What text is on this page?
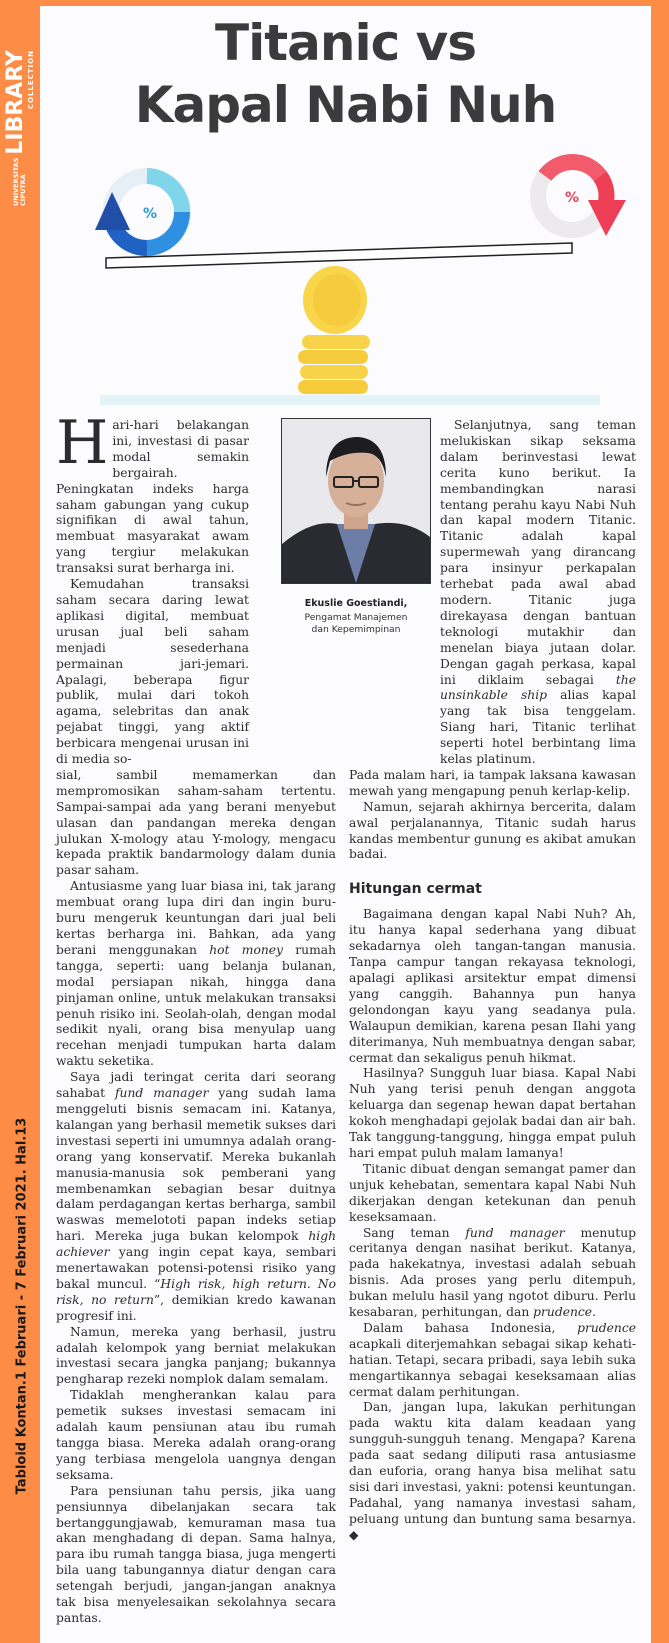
UNIVERSITAS CIPUTRA
LIBRARY COLLECTION
Tabloid Kontan.1 Februari - 7 Februari 2021. Hal.13
Titanic vs
Kapal Nabi Nuh
%
%

Hari-hari belakangan ini, investasi di pasar modal semakin bergairah. Peningkatan indeks harga saham gabungan yang cukup signifikan di awal tahun, membuat masyarakat awam yang tergiur melakukan transaksi surat berharga ini.

Kemudahan transaksi saham secara daring lewat aplikasi digital, membuat urusan jual beli saham menjadi sesederhana permainan jari-jemari. Apalagi, beberapa figur publik, mulai dari tokoh agama, selebritas dan anak pejabat tinggi, yang aktif berbicara mengenai urusan ini di media so-

Ekuslie Goestiandi,
Pengamat Manajemen
dan Kepemimpinan

sial, sambil memamerkan dan mempromosikan saham-saham tertentu. Sampai-sampai ada yang berani menyebut ulasan dan pandangan mereka dengan julukan X-mology atau Y-mology, mengacu kepada praktik bandarmology dalam dunia pasar saham.

Antusiasme yang luar biasa ini, tak jarang membuat orang lupa diri dan ingin buru-buru mengeruk keuntungan dari jual beli kertas berharga ini. Bahkan, ada yang berani menggunakan hot money rumah tangga, seperti: uang belanja bulanan, modal persiapan nikah, hingga dana pinjaman online, untuk melakukan transaksi penuh risiko ini. Seolah-olah, dengan modal sedikit nyali, orang bisa menyulap uang recehan menjadi tumpukan harta dalam waktu seketika.

Saya jadi teringat cerita dari seorang sahabat fund manager yang sudah lama menggeluti bisnis semacam ini. Katanya, kalangan yang berhasil memetik sukses dari investasi seperti ini umumnya adalah orang-orang yang konservatif. Mereka bukanlah manusia-manusia sok pemberani yang membenamkan sebagian besar duitnya dalam perdagangan kertas berharga, sambil waswas memelototi papan indeks setiap hari. Mereka juga bukan kelompok high achiever yang ingin cepat kaya, sembari menertawakan potensi-potensi risiko yang bakal muncul. “High risk, high return. No risk, no return”, demikian kredo kawanan progresif ini.

Namun, mereka yang berhasil, justru adalah kelompok yang berniat melakukan investasi secara jangka panjang; bukannya pengharap rezeki nomplok dalam semalam.

Tidaklah mengherankan kalau para pemetik sukses investasi semacam ini adalah kaum pensiunan atau ibu rumah tangga biasa. Mereka adalah orang-orang yang terbiasa mengelola uangnya dengan seksama.

Para pensiunan tahu persis, jika uang pensiunnya dibelanjakan secara tak bertanggungjawab, kemuraman masa tua akan menghadang di depan. Sama halnya, para ibu rumah tangga biasa, juga mengerti bila uang tabungannya diatur dengan cara setengah berjudi, jangan-jangan anaknya tak bisa menyelesaikan sekolahnya secara pantas.

Selanjutnya, sang teman melukiskan sikap seksama dalam berinvestasi lewat cerita kuno berikut. Ia membandingkan narasi tentang perahu kayu Nabi Nuh dan kapal modern Titanic. Titanic adalah kapal supermewah yang dirancang para insinyur perkapalan terhebat pada awal abad modern. Titanic juga direkayasa dengan bantuan teknologi mutakhir dan menelan biaya jutaan dolar. Dengan gagah perkasa, kapal ini diklaim sebagai the unsinkable ship alias kapal yang tak bisa tenggelam. Siang hari, Titanic terlihat seperti hotel berbintang lima kelas platinum.

Pada malam hari, ia tampak laksana kawasan mewah yang mengapung penuh kerlap-kelip.

Namun, sejarah akhirnya bercerita, dalam awal perjalanannya, Titanic sudah harus kandas membentur gunung es akibat amukan badai.

Hitungan cermat

Bagaimana dengan kapal Nabi Nuh? Ah, itu hanya kapal sederhana yang dibuat sekadarnya oleh tangan-tangan manusia. Tanpa campur tangan rekayasa teknologi, apalagi aplikasi arsitektur empat dimensi yang canggih. Bahannya pun hanya gelondongan kayu yang seadanya pula. Walaupun demikian, karena pesan Ilahi yang diterimanya, Nuh membuatnya dengan sabar, cermat dan sekaligus penuh hikmat.

Hasilnya? Sungguh luar biasa. Kapal Nabi Nuh yang terisi penuh dengan anggota keluarga dan segenap hewan dapat bertahan kokoh menghadapi gejolak badai dan air bah. Tak tanggung-tanggung, hingga empat puluh hari empat puluh malam lamanya!

Titanic dibuat dengan semangat pamer dan unjuk kehebatan, sementara kapal Nabi Nuh dikerjakan dengan ketekunan dan penuh keseksamaan.

Sang teman fund manager menutup ceritanya dengan nasihat berikut. Katanya, pada hakekatnya, investasi adalah sebuah bisnis. Ada proses yang perlu ditempuh, bukan melulu hasil yang ngotot diburu. Perlu kesabaran, perhitungan, dan prudence.

Dalam bahasa Indonesia, prudence acapkali diterjemahkan sebagai sikap kehati-hatian. Tetapi, secara pribadi, saya lebih suka mengartikannya sebagai keseksamaan alias cermat dalam perhitungan.

Dan, jangan lupa, lakukan perhitungan pada waktu kita dalam keadaan yang sungguh-sungguh tenang. Mengapa? Karena pada saat sedang diliputi rasa antusiasme dan euforia, orang hanya bisa melihat satu sisi dari investasi, yakni: potensi keuntungan. Padahal, yang namanya investasi saham, peluang untung dan buntung sama besarnya. ◆
